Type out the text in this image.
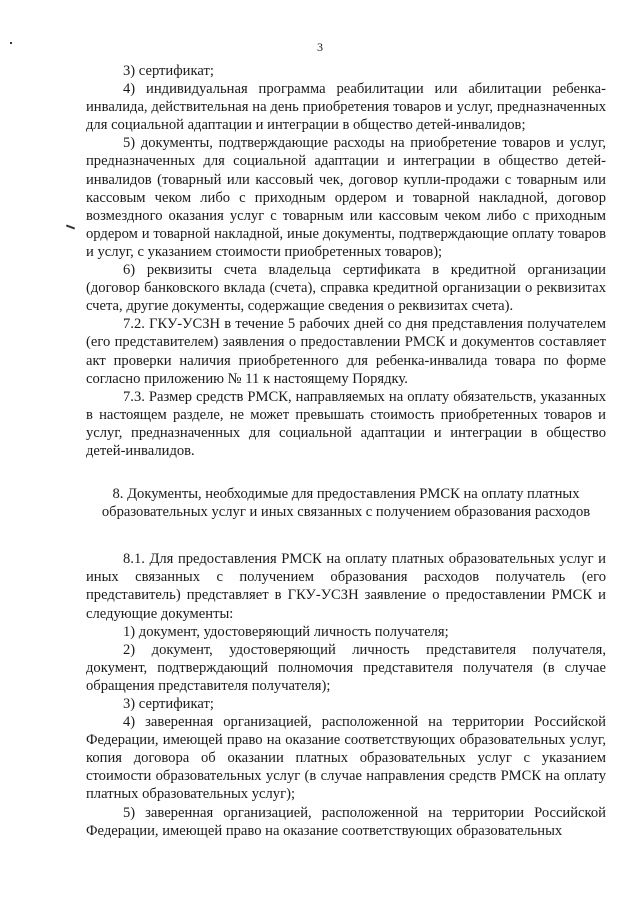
3

3) сертификат;

4) индивидуальная программа реабилитации или абилитации ребенка-инвалида, действительная на день приобретения товаров и услуг, предназначенных для социальной адаптации и интеграции в общество детей-инвалидов;

5) документы, подтверждающие расходы на приобретение товаров и услуг, предназначенных для социальной адаптации и интеграции в общество детей-инвалидов (товарный или кассовый чек, договор купли-продажи с товарным или кассовым чеком либо с приходным ордером и товарной накладной, договор возмездного оказания услуг с товарным или кассовым чеком либо с приходным ордером и товарной накладной, иные документы, подтверждающие оплату товаров и услуг, с указанием стоимости приобретенных товаров);

6) реквизиты счета владельца сертификата в кредитной организации (договор банковского вклада (счета), справка кредитной организации о реквизитах счета, другие документы, содержащие сведения о реквизитах счета).

7.2. ГКУ-УСЗН в течение 5 рабочих дней со дня представления получателем (его представителем) заявления о предоставлении РМСК и документов составляет акт проверки наличия приобретенного для ребенка-инвалида товара по форме согласно приложению № 11 к настоящему Порядку.

7.3. Размер средств РМСК, направляемых на оплату обязательств, указанных в настоящем разделе, не может превышать стоимость приобретенных товаров и услуг, предназначенных для социальной адаптации и интеграции в общество детей-инвалидов.

8. Документы, необходимые для предоставления РМСК на оплату платных образовательных услуг и иных связанных с получением образования расходов

8.1. Для предоставления РМСК на оплату платных образовательных услуг и иных связанных с получением образования расходов получатель (его представитель) представляет в ГКУ-УСЗН заявление о предоставлении РМСК и следующие документы:

1) документ, удостоверяющий личность получателя;

2) документ, удостоверяющий личность представителя получателя, документ, подтверждающий полномочия представителя получателя (в случае обращения представителя получателя);

3) сертификат;

4) заверенная организацией, расположенной на территории Российской Федерации, имеющей право на оказание соответствующих образовательных услуг, копия договора об оказании платных образовательных услуг с указанием стоимости образовательных услуг (в случае направления средств РМСК на оплату платных образовательных услуг);

5) заверенная организацией, расположенной на территории Российской Федерации, имеющей право на оказание соответствующих образовательных
